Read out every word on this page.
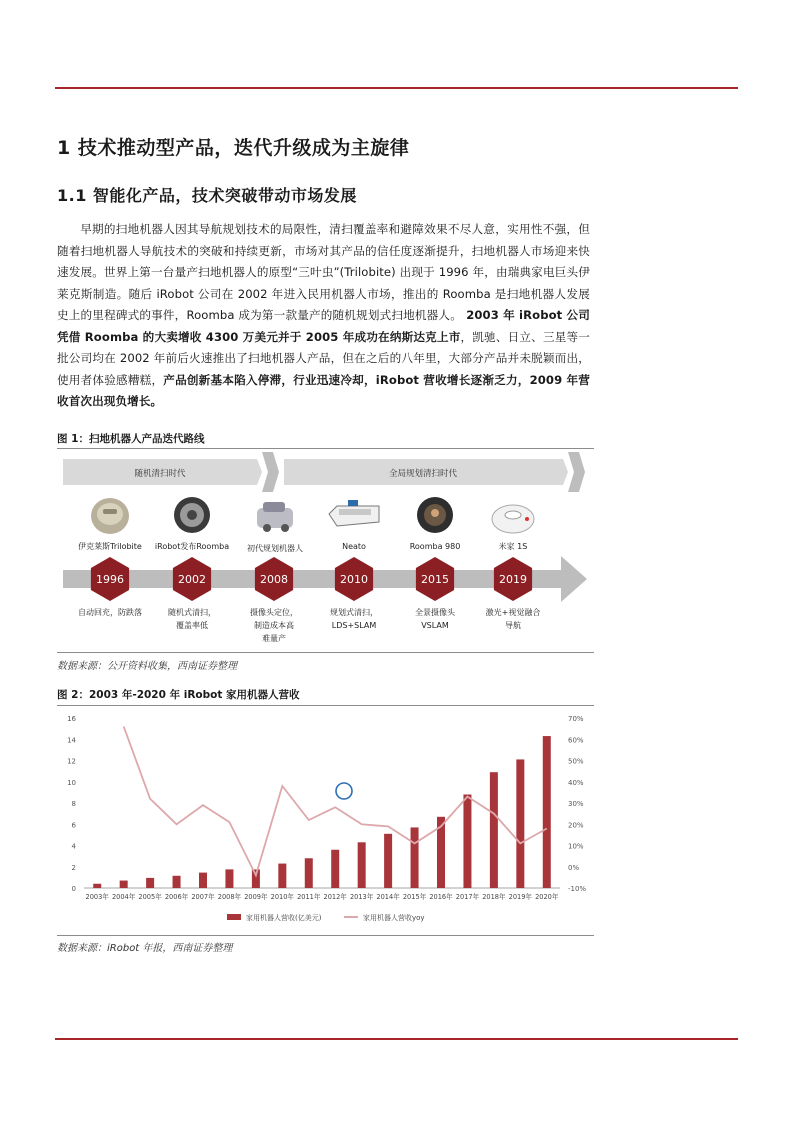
1 技术推动型产品，迭代升级成为主旋律
1.1 智能化产品，技术突破带动市场发展
早期的扫地机器人因其导航规划技术的局限性，清扫覆盖率和避障效果不尽人意，实用性不强，但随着扫地机器人导航技术的突破和持续更新，市场对其产品的信任度逐渐提升，扫地机器人市场迎来快速发展。世界上第一台量产扫地机器人的原型“三叶虫”(Trilobite) 出现于 1996 年，由瑞典家电巨头伊莱克斯制造。随后 iRobot 公司在 2002 年进入民用机器人市场，推出的 Roomba 是扫地机器人发展史上的里程碑式的事件，Roomba 成为第一款量产的随机规划式扫地机器人。 2003 年 iRobot 公司凭借 Roomba 的大卖增收 4300 万美元并于 2005 年成功在纳斯达克上市，凯驰、日立、三星等一批公司均在 2002 年前后火速推出了扫地机器人产品，但在之后的八年里，大部分产品并未脱颖而出，使用者体验感糟糕，产品创新基本陷入停滞，行业迅速冷却，iRobot 营收增长逐渐乏力，2009 年营收首次出现负增长。
图 1：扫地机器人产品迭代路线
随机清扫时代	全局规划清扫时代
伊克莱斯Trilobite iRobot发布Roomba 初代规划机器人	Neato	Roomba 980	米家 1S
1996	2002	2008	2010	2015	2019
自动回充，防跌落	随机式清扫，
覆盖率低
摄像头定位，
制造成本高
难量产
规划式清扫，
LDS+SLAM
全景摄像头
VSLAM
激光+视觉融合
导航
数据来源：公开资料收集，西南证券整理
图 2：2003 年-2020 年 iRobot 家用机器人营收
0
2
4
6
8
10
12
14
16
-10%
0%
10%
20%
30%
40%
50%
60%
70%
2003年 2004年 2005年 2006年 2007年 2008年 2009年 2010年 2011年 2012年 2013年 2014年 2015年 2016年 2017年 2018年 2019年 2020年
家用机器人营收(亿美元)	家用机器人营收yoy
数据来源：iRobot 年报，西南证券整理
